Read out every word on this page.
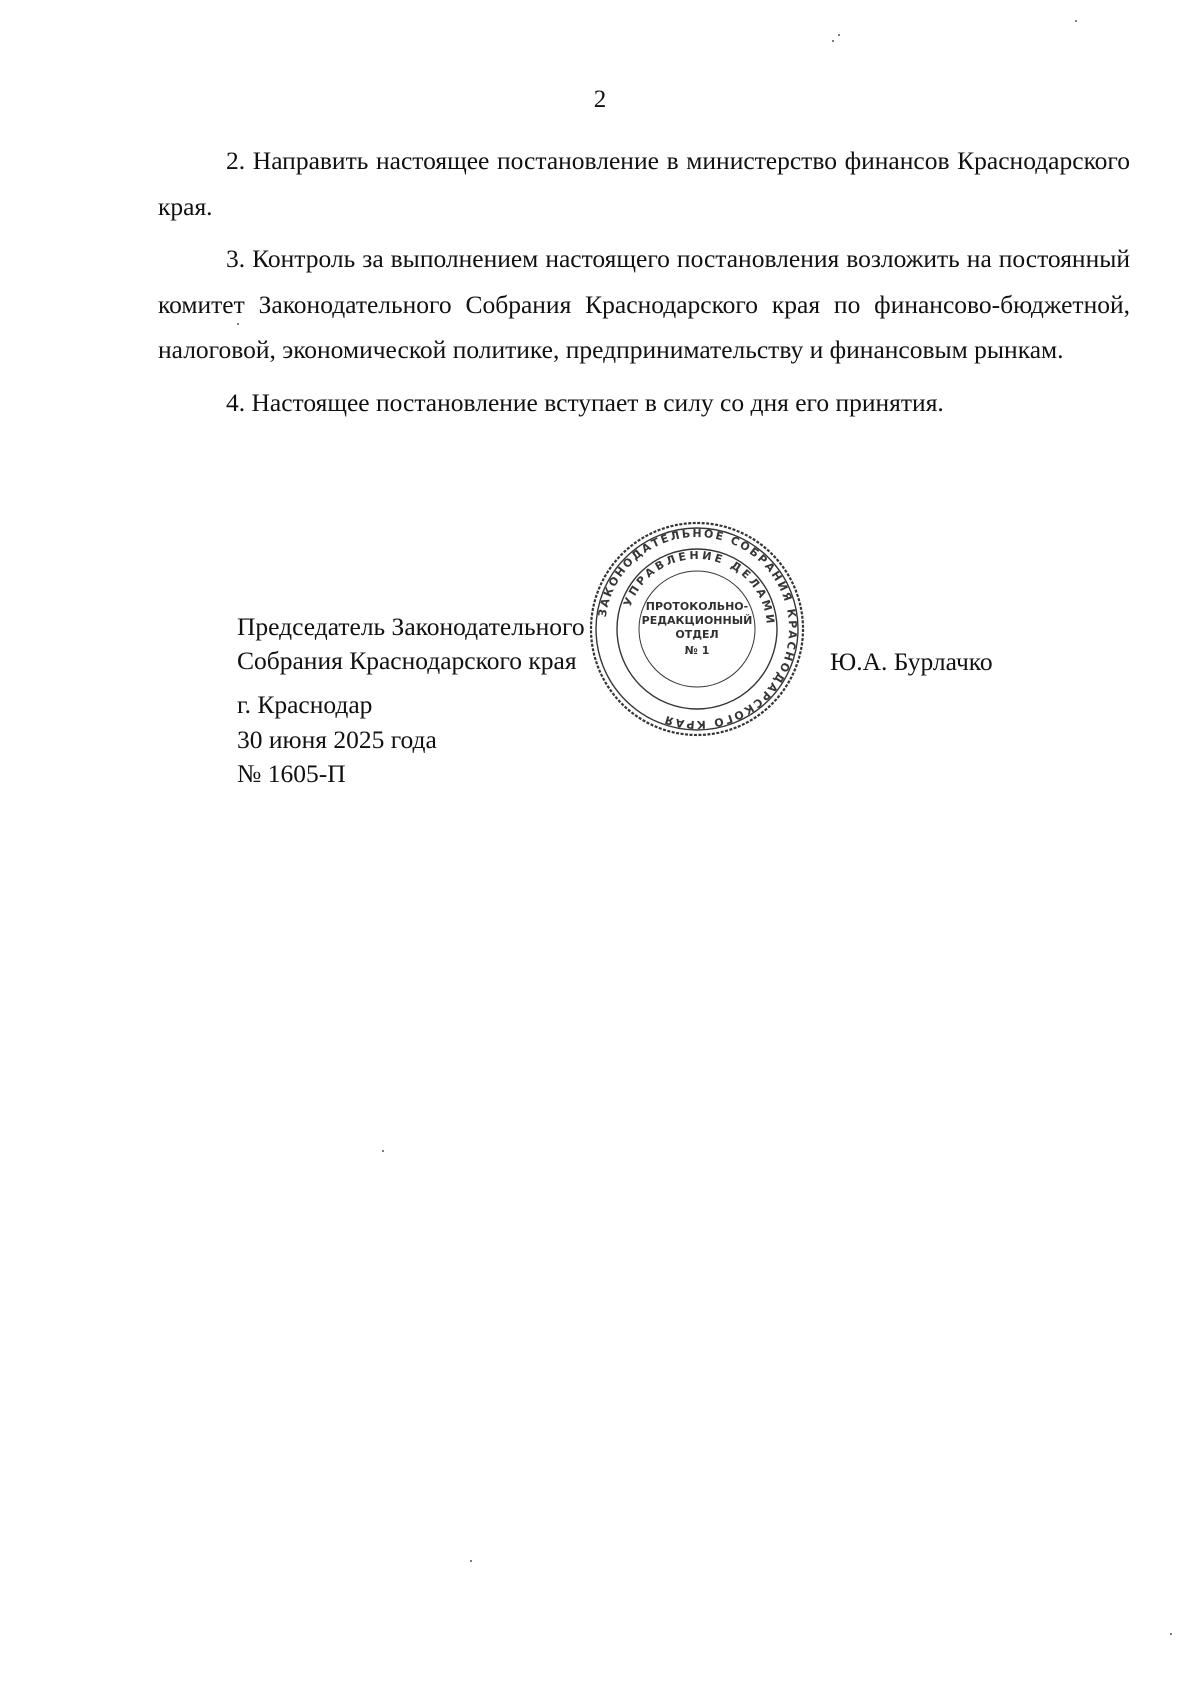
2

2. Направить настоящее постановление в министерство финансов Краснодарского края.

3. Контроль за выполнением настоящего постановления возложить на постоянный комитет Законодательного Собрания Краснодарского края по финансово-бюджетной, налоговой, экономической политике, предпринимательству и финансовым рынкам.

4. Настоящее постановление вступает в силу со дня его принятия.

Председатель Законодательного
Собрания Краснодарского края	Ю.А. Бурлачко
г. Краснодар
30 июня 2025 года
№ 1605-П
ЗАКОНОДАТЕЛЬНОЕ СОБРАНИЯ КРАСНОДАРСКОГО КРАЯ
УПРАВЛЕНИЕ ДЕЛАМИ
ПРОТОКОЛЬНО-
РЕДАКЦИОННЫЙ
ОТДЕЛ
№ 1
